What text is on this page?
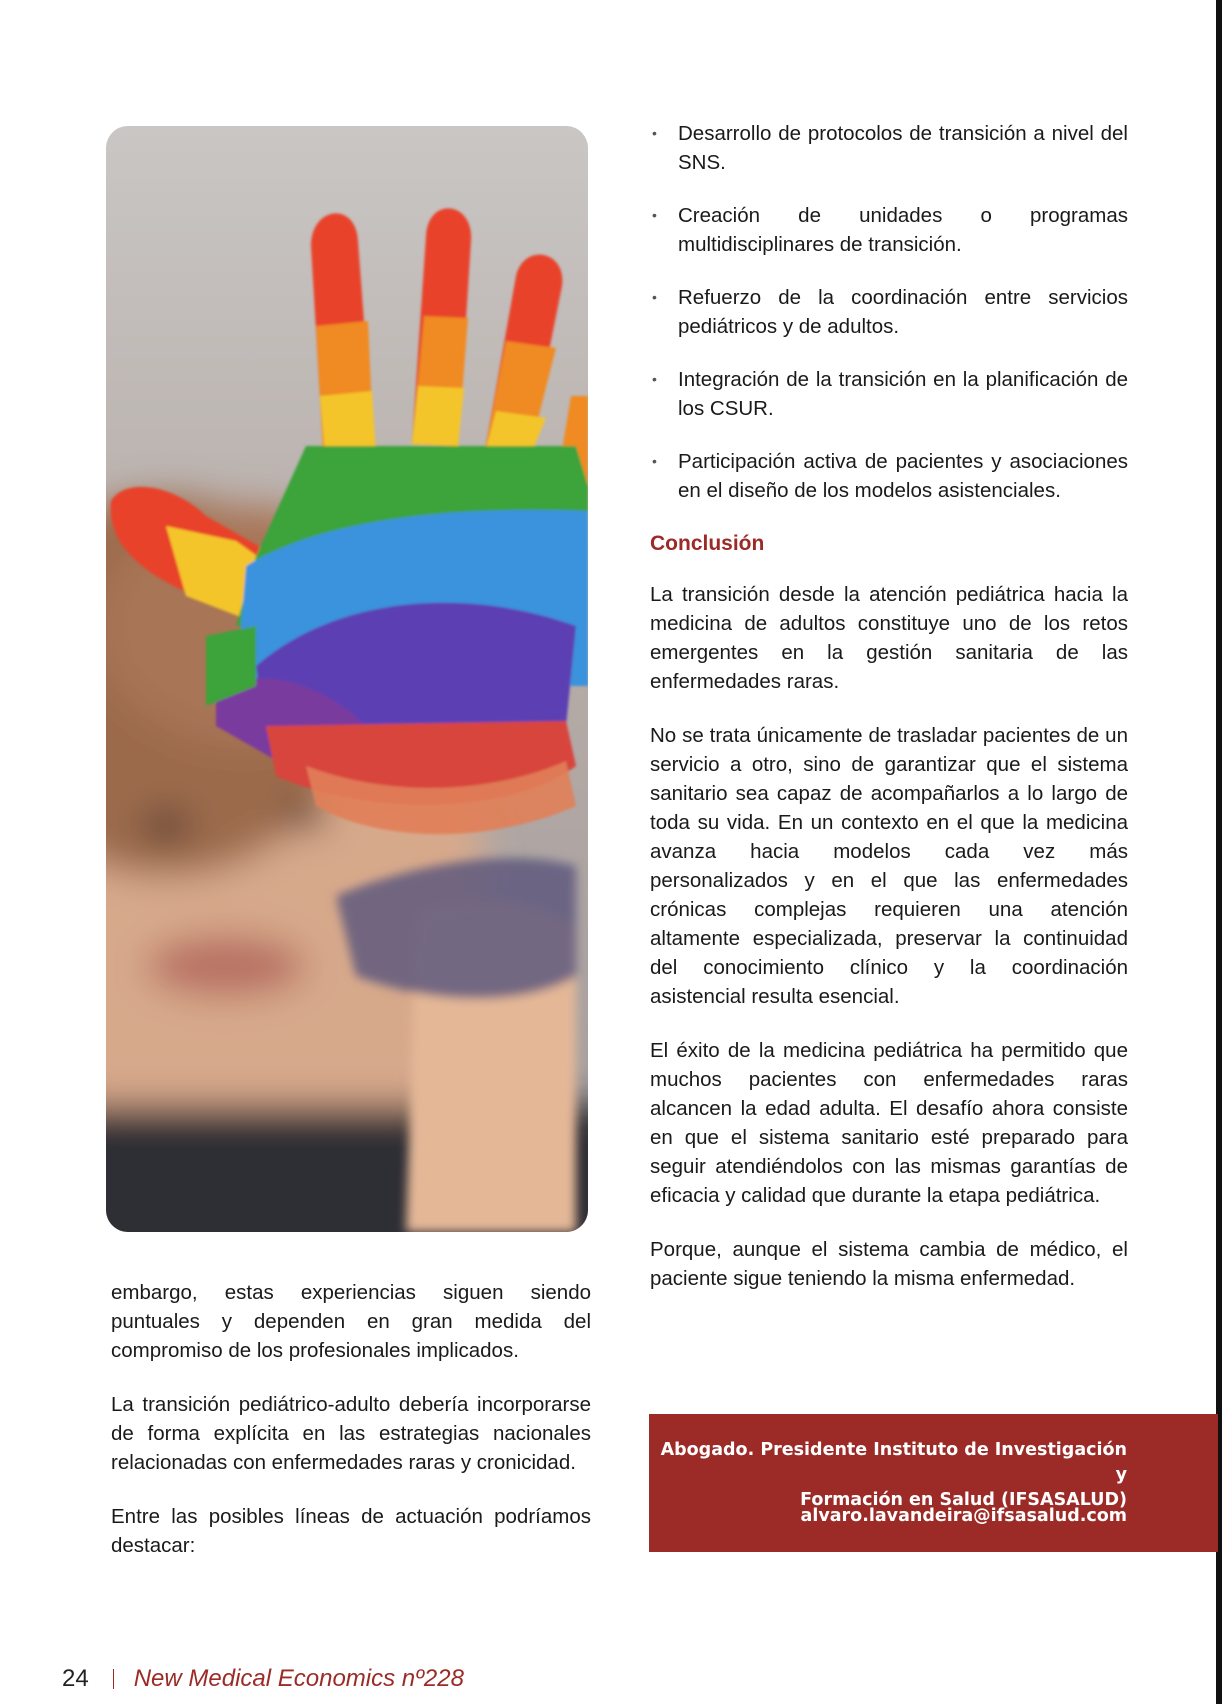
embargo, estas experiencias siguen siendo puntuales y dependen en gran medida del compromiso de los profesionales implicados.

La transición pediátrico-adulto debería incorporarse de forma explícita en las estrategias nacionales relacionadas con enfermedades raras y cronicidad.

Entre las posibles líneas de actuación podríamos destacar:

• Desarrollo de protocolos de transición a nivel del SNS.
• Creación de unidades o programas multidisciplinares de transición.
• Refuerzo de la coordinación entre servicios pediátricos y de adultos.
• Integración de la transición en la planificación de los CSUR.
• Participación activa de pacientes y asociaciones en el diseño de los modelos asistenciales.
Conclusión

La transición desde la atención pediátrica hacia la medicina de adultos constituye uno de los retos emergentes en la gestión sanitaria de las enfermedades raras.

No se trata únicamente de trasladar pacientes de un servicio a otro, sino de garantizar que el sistema sanitario sea capaz de acompañarlos a lo largo de toda su vida. En un contexto en el que la medicina avanza hacia modelos cada vez más personalizados y en el que las enfermedades crónicas complejas requieren una atención altamente especializada, preservar la continuidad del conocimiento clínico y la coordinación asistencial resulta esencial.

El éxito de la medicina pediátrica ha permitido que muchos pacientes con enfermedades raras alcancen la edad adulta. El desafío ahora consiste en que el sistema sanitario esté preparado para seguir atendiéndolos con las mismas garantías de eficacia y calidad que durante la etapa pediátrica.

Porque, aunque el sistema cambia de médico, el paciente sigue teniendo la misma enfermedad.

Abogado. Presidente Instituto de Investigación y
Formación en Salud (IFSASALUD)
alvaro.lavandeira@ifsasalud.com
24 New Medical Economics nº228
